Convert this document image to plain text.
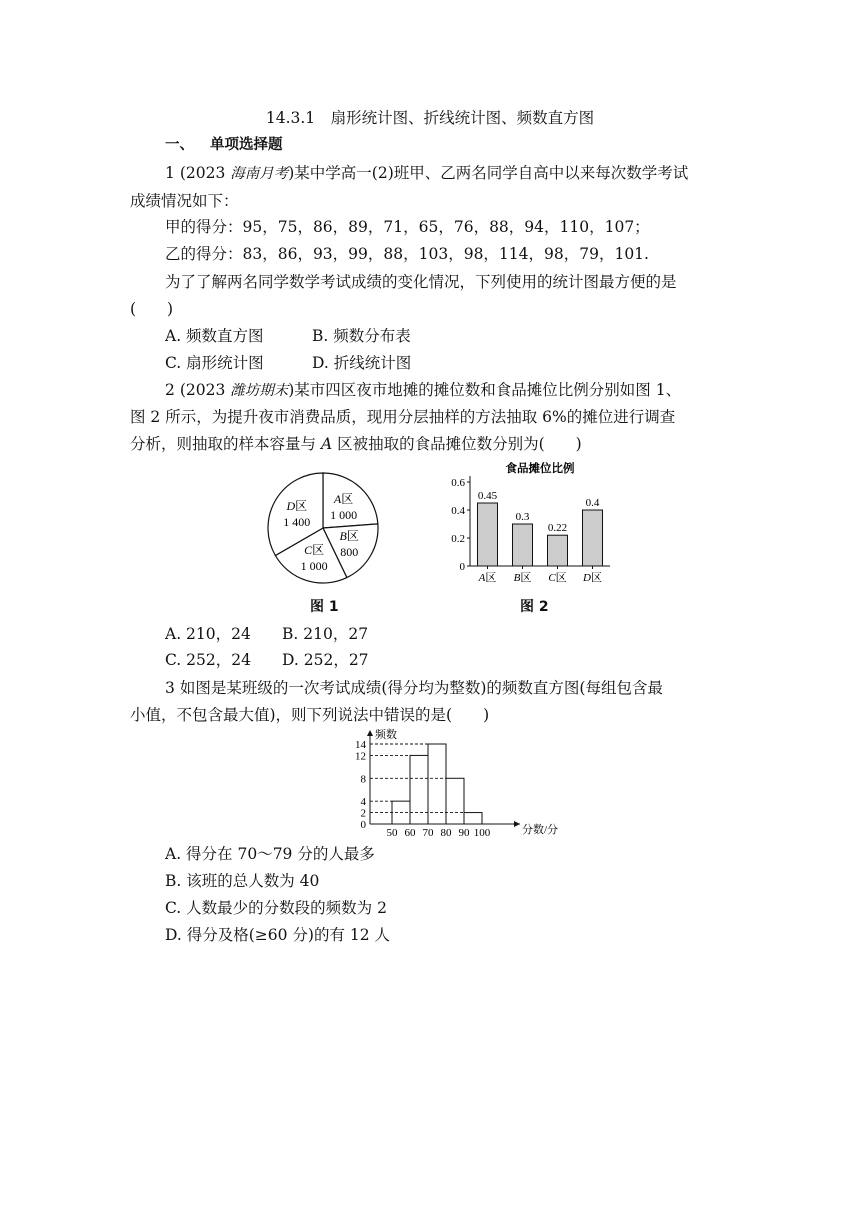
14.3.1　扇形统计图、折线统计图、频数直方图
一、 单项选择题
1 (2023 海南月考)某中学高一(2)班甲、乙两名同学自高中以来每次数学考试
成绩情况如下：
甲的得分：95，75，86，89，71，65，76，88，94，110，107；
乙的得分：83，86，93，99，88，103，98，114，98，79，101.
为了了解两名同学数学考试成绩的变化情况，下列使用的统计图最方便的是
(　　)
A. 频数直方图	B. 频数分布表
C. 扇形统计图	D. 折线统计图
2 (2023 潍坊期末)某市四区夜市地摊的摊位数和食品摊位比例分别如图 1、
图 2 所示，为提升夜市消费品质，现用分层抽样的方法抽取 6%的摊位进行调查
分析，则抽取的样本容量与 A 区被抽取的食品摊位数分别为(　　)
A区
1 000
B区
800
C区
1 000
D区
1 400
图 1
食品摊位比例
0
0.2
0.4
0.6
A区 B区 C区 D区
0.45
0.3
0.22
0.4
图 2
A. 210，24 B. 210，27
C. 252，24 D. 252，27
3 如图是某班级的一次考试成绩(得分均为整数)的频数直方图(每组包含最
小值，不包含最大值)，则下列说法中错误的是(　　)
频数
分数/分
0
2
4
8
12
14
50 60 70 80 90 100
A. 得分在 70～79 分的人最多
B. 该班的总人数为 40
C. 人数最少的分数段的频数为 2
D. 得分及格(≥60 分)的有 12 人
